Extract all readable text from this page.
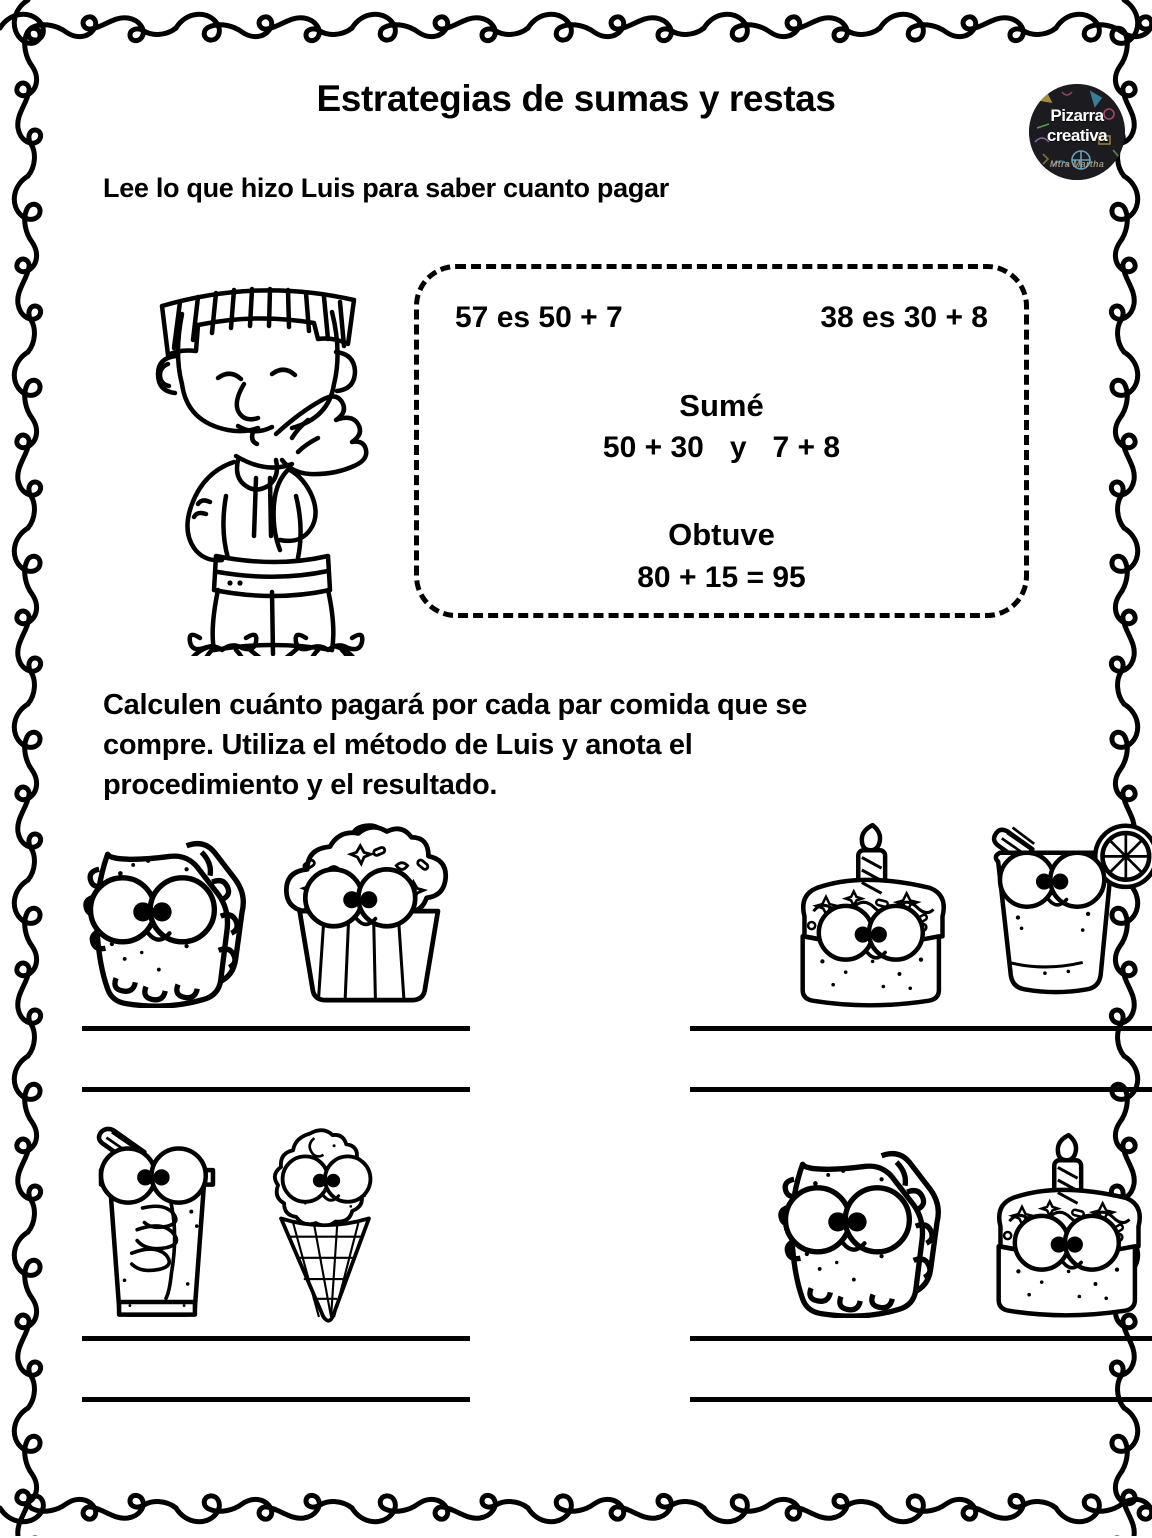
Estrategias de sumas y restas
Lee lo que hizo Luis para saber cuanto pagar
Pizarra
creativa
Mtra Martha
57 es 50 + 7	38 es 30 + 8
Sumé
50 + 30 y 7 + 8
Obtuve
80 + 15 = 95
Calculen cuánto pagará por cada par comida que se
compre. Utiliza el método de Luis y anota el
procedimiento y el resultado.
